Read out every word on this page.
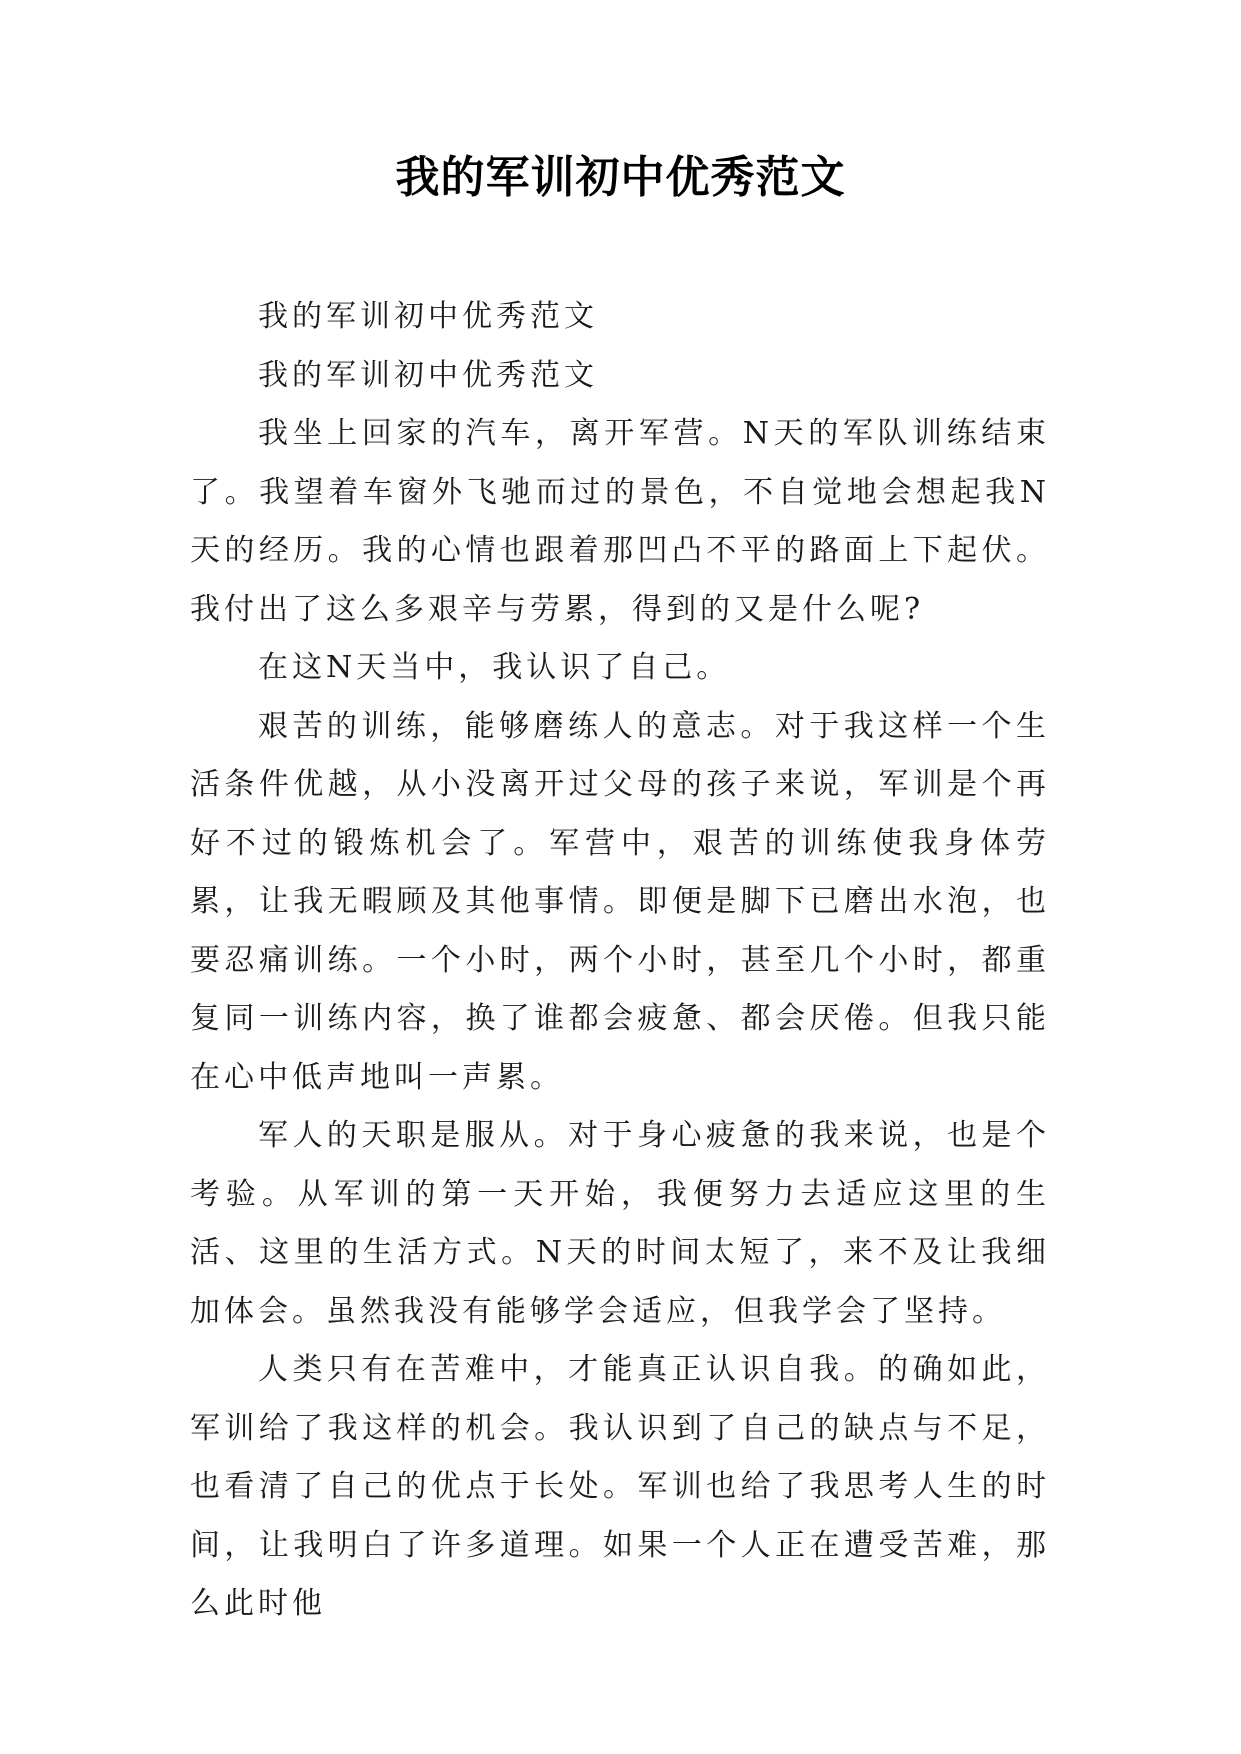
我的军训初中优秀范文

我的军训初中优秀范文

我的军训初中优秀范文

我坐上回家的汽车，离开军营。N天的军队训练结束了。我望着车窗外飞驰而过的景色，不自觉地会想起我N天的经历。我的心情也跟着那凹凸不平的路面上下起伏。我付出了这么多艰辛与劳累，得到的又是什么呢?

在这N天当中，我认识了自己。

艰苦的训练，能够磨练人的意志。对于我这样一个生活条件优越，从小没离开过父母的孩子来说，军训是个再好不过的锻炼机会了。军营中，艰苦的训练使我身体劳累，让我无暇顾及其他事情。即便是脚下已磨出水泡，也要忍痛训练。一个小时，两个小时，甚至几个小时，都重复同一训练内容，换了谁都会疲惫、都会厌倦。但我只能在心中低声地叫一声累。

军人的天职是服从。对于身心疲惫的我来说，也是个考验。从军训的第一天开始，我便努力去适应这里的生活、这里的生活方式。N天的时间太短了，来不及让我细加体会。虽然我没有能够学会适应，但我学会了坚持。

人类只有在苦难中，才能真正认识自我。的确如此，军训给了我这样的机会。我认识到了自己的缺点与不足，也看清了自己的优点于长处。军训也给了我思考人生的时间，让我明白了许多道理。如果一个人正在遭受苦难，那么此时他
